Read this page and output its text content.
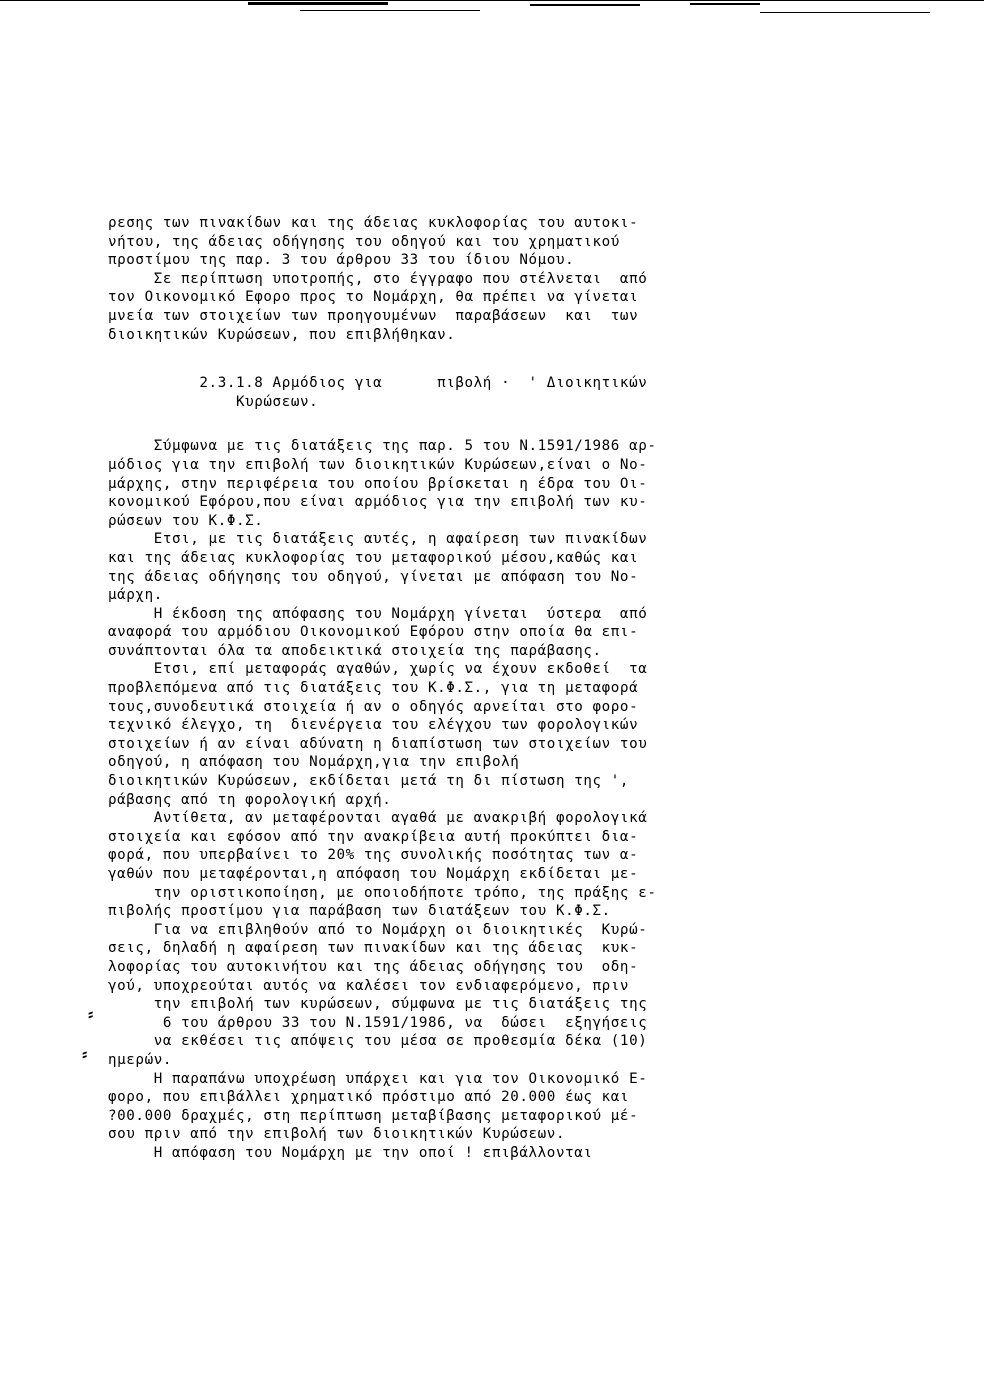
ρεσης των πινακίδων και της άδειας κυκλοφορίας του αυτοκι-
νήτου, της άδειας οδήγησης του οδηγού και του χρηματικού
προστίμου της παρ. 3 του άρθρου 33 του ίδιου Νόμου.
Σε περίπτωση υποτροπής, στο έγγραφο που στέλνεται  από
τον Οικονομικό Εφορο προς το Νομάρχη, θα πρέπει να γίνεται
μνεία των στοιχείων των προηγουμένων  παραβάσεων  και  των
διοικητικών Κυρώσεων, που επιβλήθηκαν.
2.3.1.8 Αρμόδιος για      πιβολή ·  ' Διοικητικών
Κυρώσεων.
Σύμφωνα με τις διατάξεις της παρ. 5 του Ν.1591/1986 αρ-
μόδιος για την επιβολή των διοικητικών Κυρώσεων,είναι ο Νο-
μάρχης, στην περιφέρεια του οποίου βρίσκεται η έδρα του Οι-
κονομικού Εφόρου,που είναι αρμόδιος για την επιβολή των κυ-
ρώσεων του Κ.Φ.Σ.
Ετσι, με τις διατάξεις αυτές, η αφαίρεση των πινακίδων
και της άδειας κυκλοφορίας του μεταφορικού μέσου,καθώς και
της άδειας οδήγησης του οδηγού, γίνεται με απόφαση του Νο-
μάρχη.
Η έκδοση της απόφασης του Νομάρχη γίνεται  ύστερα  από
αναφορά του αρμόδιου Οικονομικού Εφόρου στην οποία θα επι-
συνάπτονται όλα τα αποδεικτικά στοιχεία της παράβασης.
Ετσι, επί μεταφοράς αγαθών, χωρίς να έχουν εκδοθεί  τα
προβλεπόμενα από τις διατάξεις του Κ.Φ.Σ., για τη μεταφορά
τους,συνοδευτικά στοιχεία ή αν ο οδηγός αρνείται στο φορο-
τεχνικό έλεγχο, τη  διενέργεια του ελέγχου των φορολογικών
στοιχείων ή αν είναι αδύνατη η διαπίστωση των στοιχείων του
οδηγού, η απόφαση του Νομάρχη,για την επιβολή
διοικητικών Κυρώσεων, εκδίδεται μετά τη δι πίστωση της ',
ράβασης από τη φορολογική αρχή.
Αντίθετα, αν μεταφέρονται αγαθά με ανακριβή φορολογικά
στοιχεία και εφόσον από την ανακρίβεια αυτή προκύπτει δια-
φορά, που υπερβαίνει το 20% της συνολικής ποσότητας των α-
γαθών που μεταφέρονται,η απόφαση του Νομάρχη εκδίδεται με-
την οριστικοποίηση, με οποιοδήποτε τρόπο, της πράξης ε-
πιβολής προστίμου για παράβαση των διατάξεων του Κ.Φ.Σ.
Για να επιβληθούν από το Νομάρχη οι διοικητικές  Κυρώ-
σεις, δηλαδή η αφαίρεση των πινακίδων και της άδειας  κυκ-
λοφορίας του αυτοκινήτου και της άδειας οδήγησης του  οδη-
γού, υποχρεούται αυτός να καλέσει τον ενδιαφερόμενο, πριν
την επιβολή των κυρώσεων, σύμφωνα με τις διατάξεις της
6 του άρθρου 33 του Ν.1591/1986, να  δώσει  εξηγήσεις
να εκθέσει τις απόψεις του μέσα σε προθεσμία δέκα (10)
ημερών.
Η παραπάνω υποχρέωση υπάρχει και για τον Οικονομικό Ε-
φορο, που επιβάλλει χρηματικό πρόστιμο από 20.000 έως και
?00.000 δραχμές, στη περίπτωση μεταβίβασης μεταφορικού μέ-
σου πριν από την επιβολή των διοικητικών Κυρώσεων.
Η απόφαση του Νομάρχη με την οποί ! επιβάλλονται
⸗
⸗
